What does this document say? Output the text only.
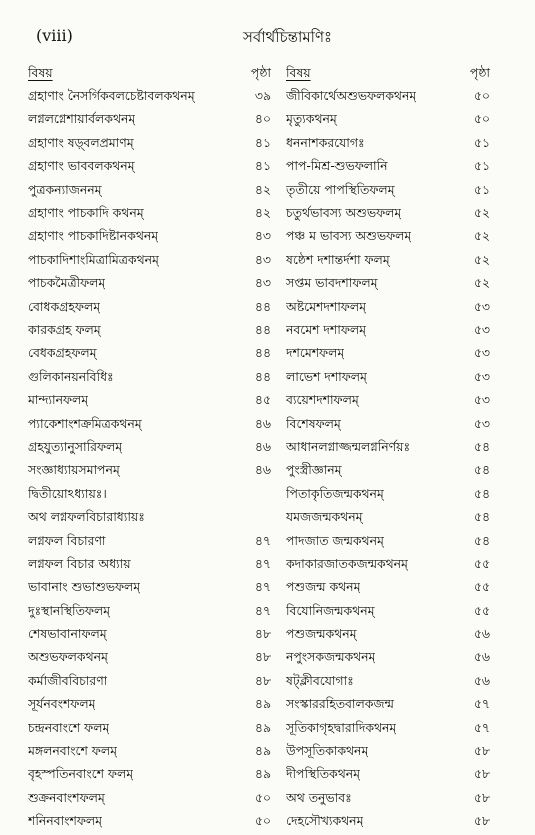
(viii)	সর্বার্থচিন্তামণিঃ
বিষয়	পৃষ্ঠা
গ্রহাণাং নৈসর্গিকবলচেষ্টাবলকথনম্	৩৯
লগ্নলগ্নেশায়ার্বলকথনম্	৪০
গ্রহাণাং ষড়্‌বলপ্রমাণম্	৪১
গ্রহাণাং ভাববলকথনম্	৪১
পুত্রকন্যাজননম্	৪২
গ্রহাণাং পাচকাদি কথনম্	৪২
গ্রহাণাং পাচকাদিষ্টানকথনম্	৪৩
পাচকাদিশাংমিত্রামিত্রকথনম্	৪৩
পাচকমৈত্রীফলম্	৪৩
বোধকগ্রহফলম্	৪৪
কারকগ্রহ ফলম্	৪৪
বেধকগ্রহফলম্	৪৪
গুলিকানয়নবিধিঃ	৪৪
মান্দ্যানফলম্	৪৫
প্যাকেশাংশক্রমিত্রকথনম্	৪৬
গ্রহযুত্যানুসারিফলম্	৪৬
সংজ্ঞাধ্যায়সমাপনম্	৪৬
দ্বিতীয়োঽধ্যায়ঃ।
অথ লগ্নফলবিচারাধ্যায়ঃ
লগ্নফল বিচারণা	৪৭
লগ্নফল বিচার অধ্যায়	৪৭
ভাবানাং শুভাশুভফলম্	৪৭
দুঃস্থানস্থিতিফলম্	৪৭
শেষভাবানাফলম্	৪৮
অশুভফলকথনম্	৪৮
কর্মাজীববিচারণা	৪৮
সূর্যনবংশফলম্	৪৯
চন্দ্রনবাংশে ফলম্	৪৯
মঙ্গলনবাংশে ফলম্	৪৯
বৃহস্পতিনবাংশে ফলম্	৪৯
শুক্রনবাংশফলম্	৫০
শনিনবাংশফলম্	৫০
বিষয়	পৃষ্ঠা
জীবিকার্থেঅশুভফলকথনম্	৫০
মৃত্যুকথনম্	৫০
ধননাশকরযোগঃ	৫১
পাপ-মিশ্র-শুভফলানি	৫১
তৃতীয়ে পাপস্থিতিফলম্	৫১
চতুর্থভাবস্য অশুভফলম্	৫২
পঞ্চ ম ভাবস্য অশুভফলম্	৫২
ষষ্ঠেশ দশান্তর্দশা ফলম্	৫২
সপ্তম ভাবদশাফলম্	৫২
অষ্টমেশদশাফলম্	৫৩
নবমেশ দশাফলম্	৫৩
দশমেশফলম্	৫৩
লাভেশ দশাফলম্	৫৩
ব্যয়েশদশাফলম্	৫৩
বিশেষফলম্	৫৩
আধানলগ্নাজ্জন্মলগ্ননির্ণয়ঃ	৫৪
পুংস্ত্রীজ্ঞানম্	৫৪
পিতাকৃতিজন্মকথনম্	৫৪
যমজজন্মকথনম্	৫৪
পাদজাত জন্মকথনম্	৫৪
কদাকারজাতকজন্মকথনম্	৫৫
পশুজন্ম কথনম্	৫৫
বিযোনিজন্মকথনম্	৫৫
পশুজন্মকথনম্	৫৬
নপুংসকজন্মকথনম্	৫৬
ষট্‌ক্লীবযোগাঃ	৫৬
সংস্কাররহিতবালকজন্ম	৫৭
সূতিকাগৃহদ্বারাদিকথনম্	৫৭
উপসূতিকাকথনম্	৫৮
দীপস্থিতিকথনম্	৫৮
অথ তনুভাবঃ	৫৮
দেহসৌখ্যকথনম্	৫৮
